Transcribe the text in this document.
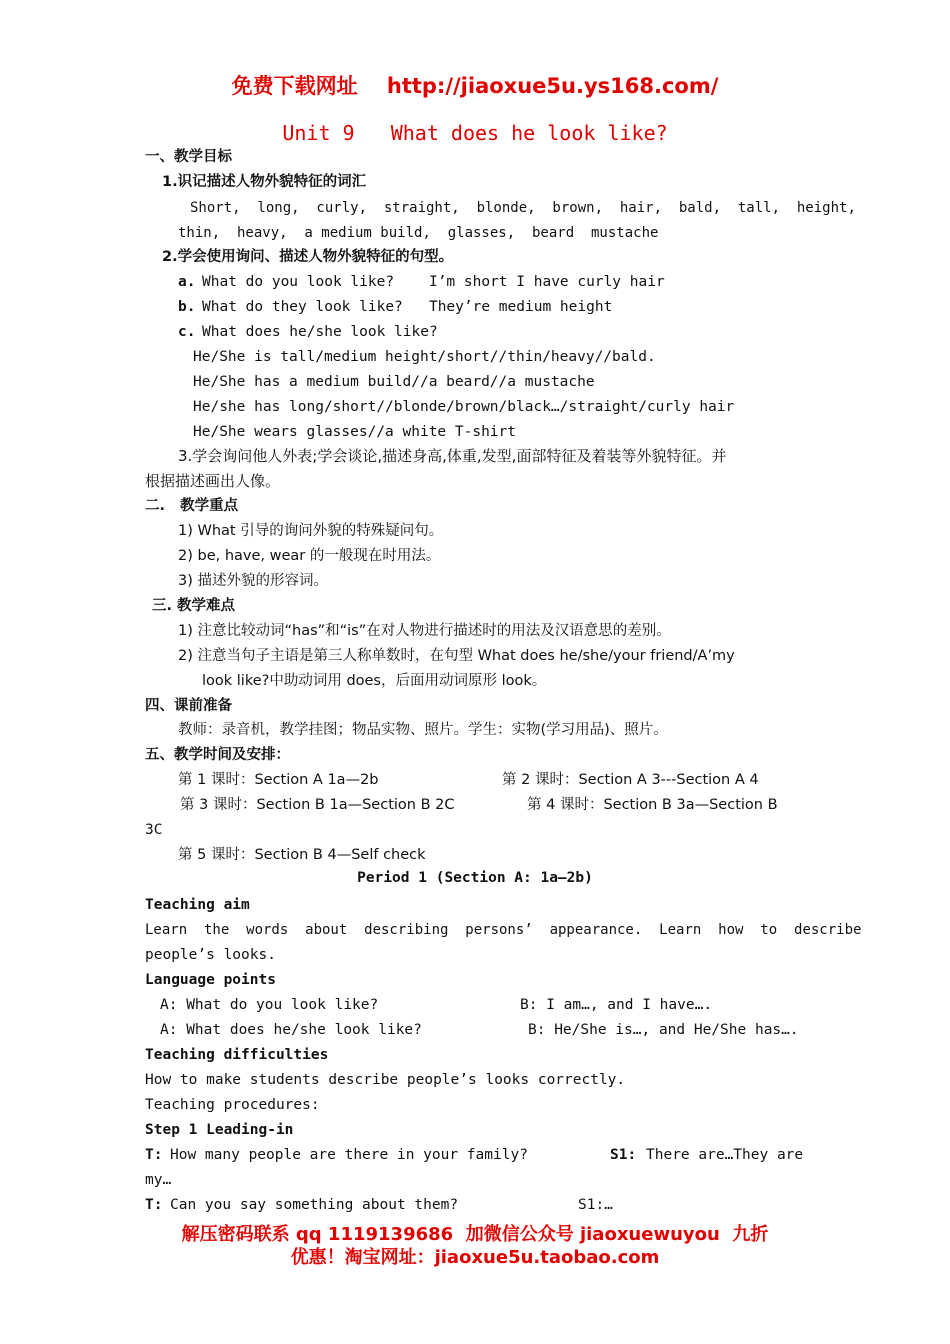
免费下载网址 http://jiaoxue5u.ys168.com/
Unit 9   What does he look like?
一、教学目标
1.识记描述人物外貌特征的词汇
Short,  long,  curly,  straight,  blonde,  brown,  hair,  bald,  tall,  height,
thin,  heavy,  a medium build,  glasses,  beard  mustache
2.学会使用询问、描述人物外貌特征的句型。
a. What do you look like?    I’m short I have curly hair
b. What do they look like?   They’re medium height
c. What does he/she look like?
He/She is tall/medium height/short//thin/heavy//bald.
He/She has a medium build//a beard//a mustache
He/she has long/short//blonde/brown/black…/straight/curly hair
He/She wears glasses//a white T-shirt
3.学会询问他人外表;学会谈论,描述身高,体重,发型,面部特征及着装等外貌特征。并
根据描述画出人像。
二.   教学重点
1) What 引导的询问外貌的特殊疑问句。
2) be, have, wear 的一般现在时用法。
3) 描述外貌的形容词。
三. 教学难点
1) 注意比较动词“has”和“is”在对人物进行描述时的用法及汉语意思的差别。
2) 注意当句子主语是第三人称单数时，在句型 What does he/she/your friend/A’my
look like?中助动词用 does，后面用动词原形 look。
四、课前准备
教师：录音机，教学挂图；物品实物、照片。学生：实物(学习用品)、照片。
五、教学时间及安排：
第 1 课时：Section A 1a—2b	第 2 课时：Section A 3---Section A 4
第 3 课时：Section B 1a—Section B 2C	第 4 课时：Section B 3a—Section B
3C
第 5 课时：Section B 4—Self check
Period 1 (Section A: 1a—2b)
Teaching aim
Learn  the  words  about  describing  persons’  appearance.  Learn  how  to  describe
people’s looks.
Language points
A: What do you look like?	B: I am…, and I have….
A: What does he/she look like?	B: He/She is…, and He/She has….
Teaching difficulties
How to make students describe people’s looks correctly.
Teaching procedures:
Step 1 Leading-in
T: How many people are there in your family?	S1: There are…They are
my…
T: Can you say something about them?	S1:…
解压密码联系 qq 1119139686  加微信公众号 jiaoxuewuyou  九折
优惠！淘宝网址：jiaoxue5u.taobao.com
